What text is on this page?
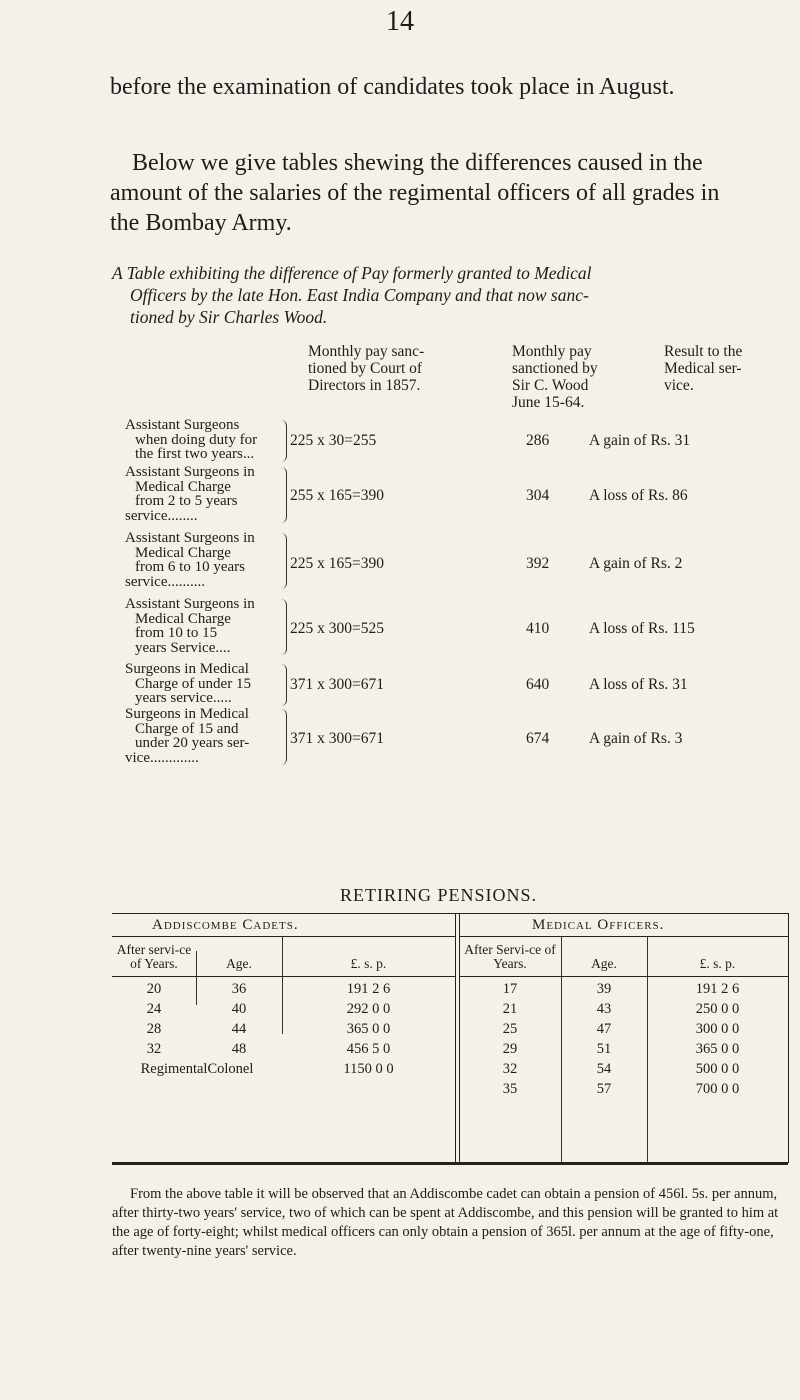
14

before the examination of candidates took place in August.

Below we give tables shewing the differences caused in the amount of the salaries of the regimental officers of all grades in the Bombay Army.

A Table exhibiting the difference of Pay formerly granted to Medical
Officers by the late Hon. East India Company and that now sanc-
tioned by Sir Charles Wood.
Monthly pay sanc-
tioned by Court of
Directors in 1857.
Monthly pay
sanctioned by
Sir C. Wood
June 15-64.
Result to the
Medical ser-
vice.
Assistant Surgeons
when doing duty for
the first two years...
225 x 30=255	286	A gain of Rs. 31
Assistant Surgeons in
Medical Charge
from 2 to 5 years
service........
255 x 165=390	304	A loss of Rs. 86
Assistant Surgeons in
Medical Charge
from 6 to 10 years
service..........
225 x 165=390	392	A gain of Rs. 2
Assistant Surgeons in
Medical Charge
from 10 to 15
years Service....
225 x 300=525	410	A loss of Rs. 115
Surgeons in Medical
Charge of under 15
years service.....
371 x 300=671	640	A loss of Rs. 31
Surgeons in Medical
Charge of 15 and
under 20 years ser-
vice.............
371 x 300=671	674	A gain of Rs. 3
RETIRING PENSIONS.
Addiscombe Cadets.
After servi-ce of Years.	Age.	£. s. p.
20	36	191 2 6
24	40	292 0 0
28	44	365 0 0
32	48	456 5 0
RegimentalColonel	1150 0 0
Medical Officers.
After Servi-ce of Years.	Age.	£. s. p.
17	39	191 2 6
21	43	250 0 0
25	47	300 0 0
29	51	365 0 0
32	54	500 0 0
35	57	700 0 0

From the above table it will be observed that an Addiscombe cadet can obtain a pension of 456l. 5s. per annum, after thirty-two years' service, two of which can be spent at Addiscombe, and this pension will be granted to him at the age of forty-eight; whilst medical officers can only obtain a pension of 365l. per annum at the age of fifty-one, after twenty-nine years' service.
